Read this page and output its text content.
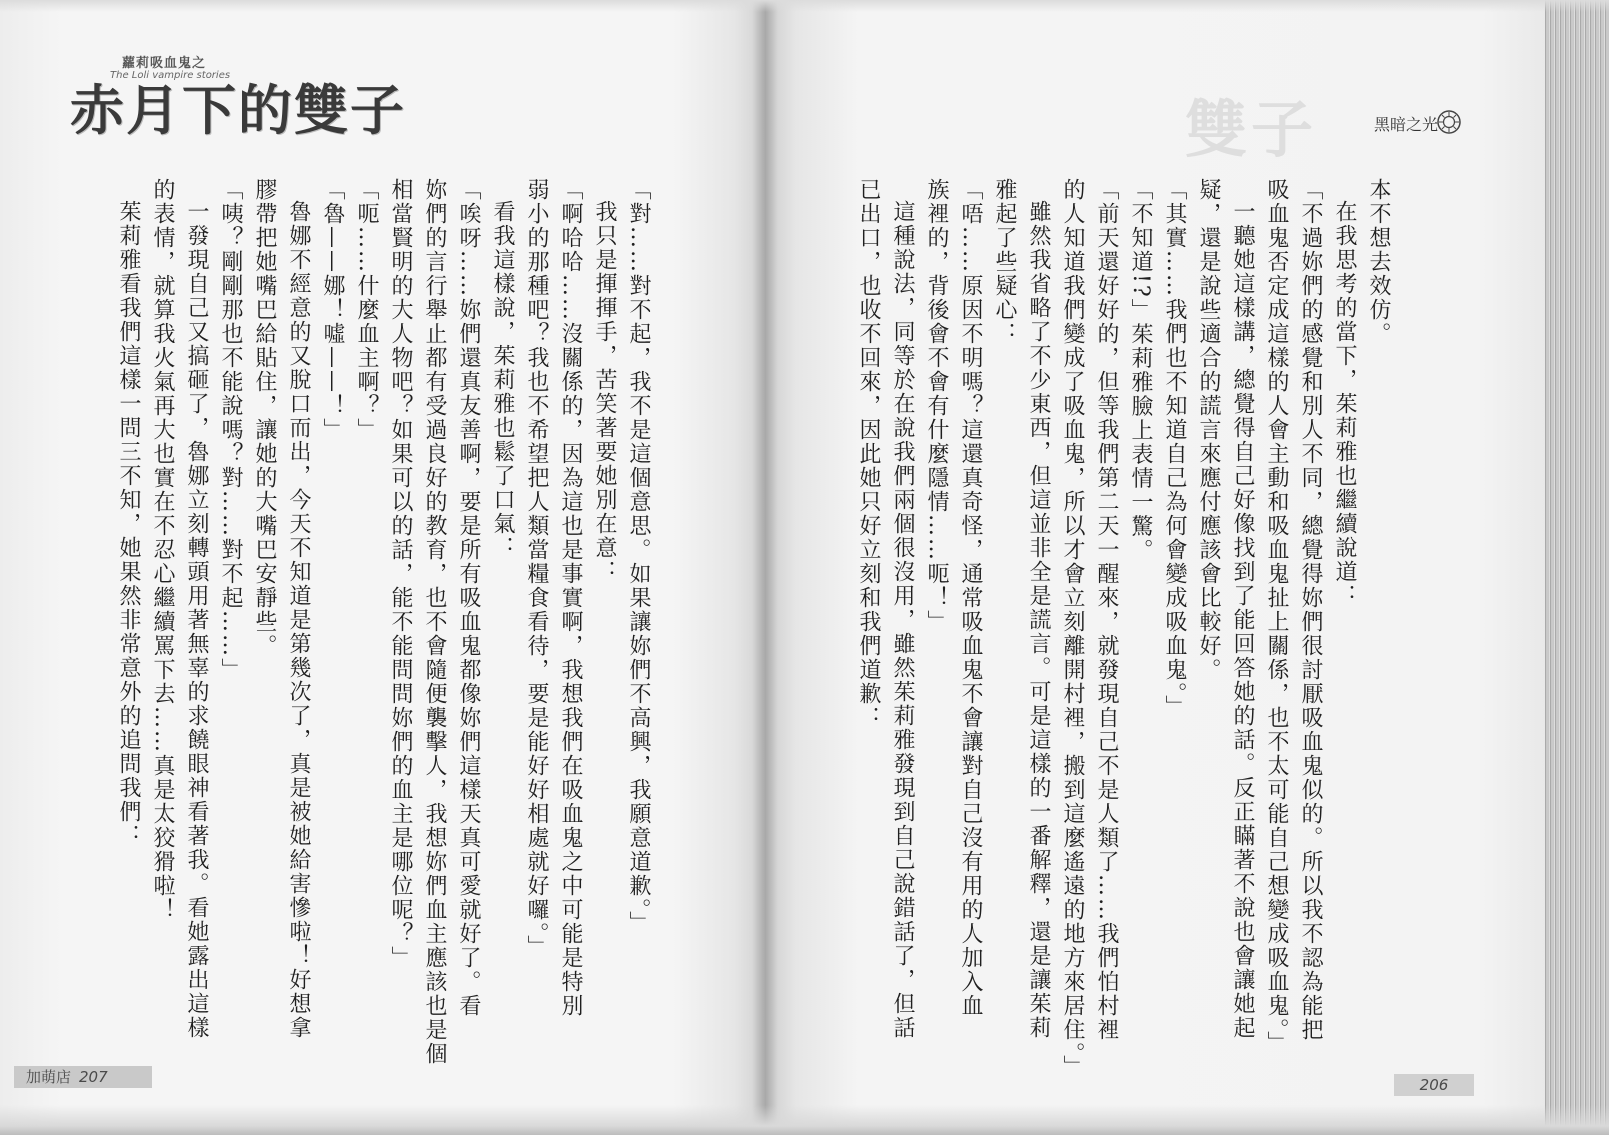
蘿莉吸血鬼之
The Loli vampire stories
赤月下的雙子	雙子	黑暗之光
「對……對不起，我不是這個意思。如果讓妳們不高興，我願意道歉。」
我只是揮揮手，苦笑著要她別在意：
「啊哈哈……沒關係的，因為這也是事實啊，我想我們在吸血鬼之中可能是特別
弱小的那種吧？我也不希望把人類當糧食看待，要是能好好相處就好囉。」
看我這樣說，茱莉雅也鬆了口氣：
「唉呀……妳們還真友善啊，要是所有吸血鬼都像妳們這樣天真可愛就好了。看
妳們的言行舉止都有受過良好的教育，也不會隨便襲擊人，我想妳們血主應該也是個
相當賢明的大人物吧？如果可以的話，能不能問問妳們的血主是哪位呢？」
「呃……什麼血主啊？」
「魯——娜！噓——！」
魯娜不經意的又脫口而出，今天不知道是第幾次了，真是被她給害慘啦！好想拿
膠帶把她嘴巴給貼住，讓她的大嘴巴安靜些。
「咦？剛剛那也不能說嗎？對……對不起……」
一發現自己又搞砸了，魯娜立刻轉頭用著無辜的求饒眼神看著我。看她露出這樣
的表情，就算我火氣再大也實在不忍心繼續罵下去……真是太狡猾啦！
茱莉雅看我們這樣一問三不知，她果然非常意外的追問我們：	本不想去效仿。
在我思考的當下，茱莉雅也繼續說道：
「不過妳們的感覺和別人不同，總覺得妳們很討厭吸血鬼似的。所以我不認為能把
吸血鬼否定成這樣的人會主動和吸血鬼扯上關係，也不太可能自己想變成吸血鬼。」
一聽她這樣講，總覺得自己好像找到了能回答她的話。反正瞞著不說也會讓她起
疑，還是說些適合的謊言來應付應該會比較好。
「其實……我們也不知道自己為何會變成吸血鬼。」
「不知道!?」茱莉雅臉上表情一驚。
「前天還好好的，但等我們第二天一醒來，就發現自己不是人類了……我們怕村裡
的人知道我們變成了吸血鬼，所以才會立刻離開村裡，搬到這麼遙遠的地方來居住。」
雖然我省略了不少東西，但這並非全是謊言。可是這樣的一番解釋，還是讓茱莉
雅起了些疑心：
「唔……原因不明嗎？這還真奇怪，通常吸血鬼不會讓對自己沒有用的人加入血
族裡的，背後會不會有什麼隱情……呃！」
這種說法，同等於在說我們兩個很沒用，雖然茱莉雅發現到自己說錯話了，但話
已出口，也收不回來，因此她只好立刻和我們道歉：
加萌店 207	206
